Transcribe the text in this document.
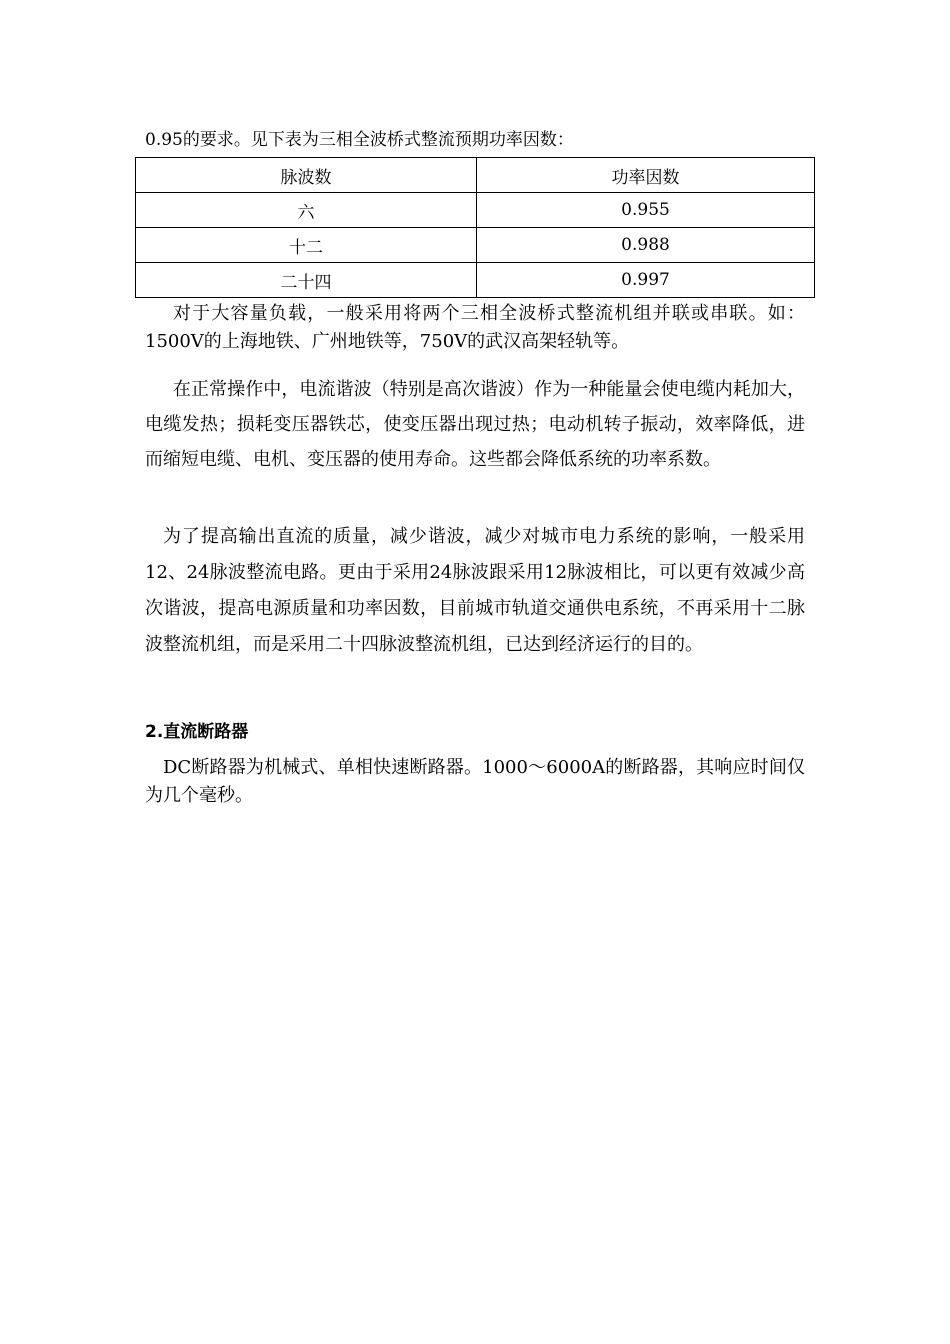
0.95的要求。见下表为三相全波桥式整流预期功率因数：
脉波数	功率因数
六	0.955
十二	0.988
二十四	0.997

对于大容量负载，一般采用将两个三相全波桥式整流机组并联或串联。如：1500V的上海地铁、广州地铁等，750V的武汉高架轻轨等。

在正常操作中，电流谐波（特别是高次谐波）作为一种能量会使电缆内耗加大，电缆发热；损耗变压器铁芯，使变压器出现过热；电动机转子振动，效率降低，进而缩短电缆、电机、变压器的使用寿命。这些都会降低系统的功率系数。

为了提高输出直流的质量，减少谐波，减少对城市电力系统的影响，一般采用12、24脉波整流电路。更由于采用24脉波跟采用12脉波相比，可以更有效减少高次谐波，提高电源质量和功率因数，目前城市轨道交通供电系统，不再采用十二脉波整流机组，而是采用二十四脉波整流机组，已达到经济运行的目的。

2.直流断路器

DC断路器为机械式、单相快速断路器。1000～6000A的断路器，其响应时间仅为几个毫秒。
